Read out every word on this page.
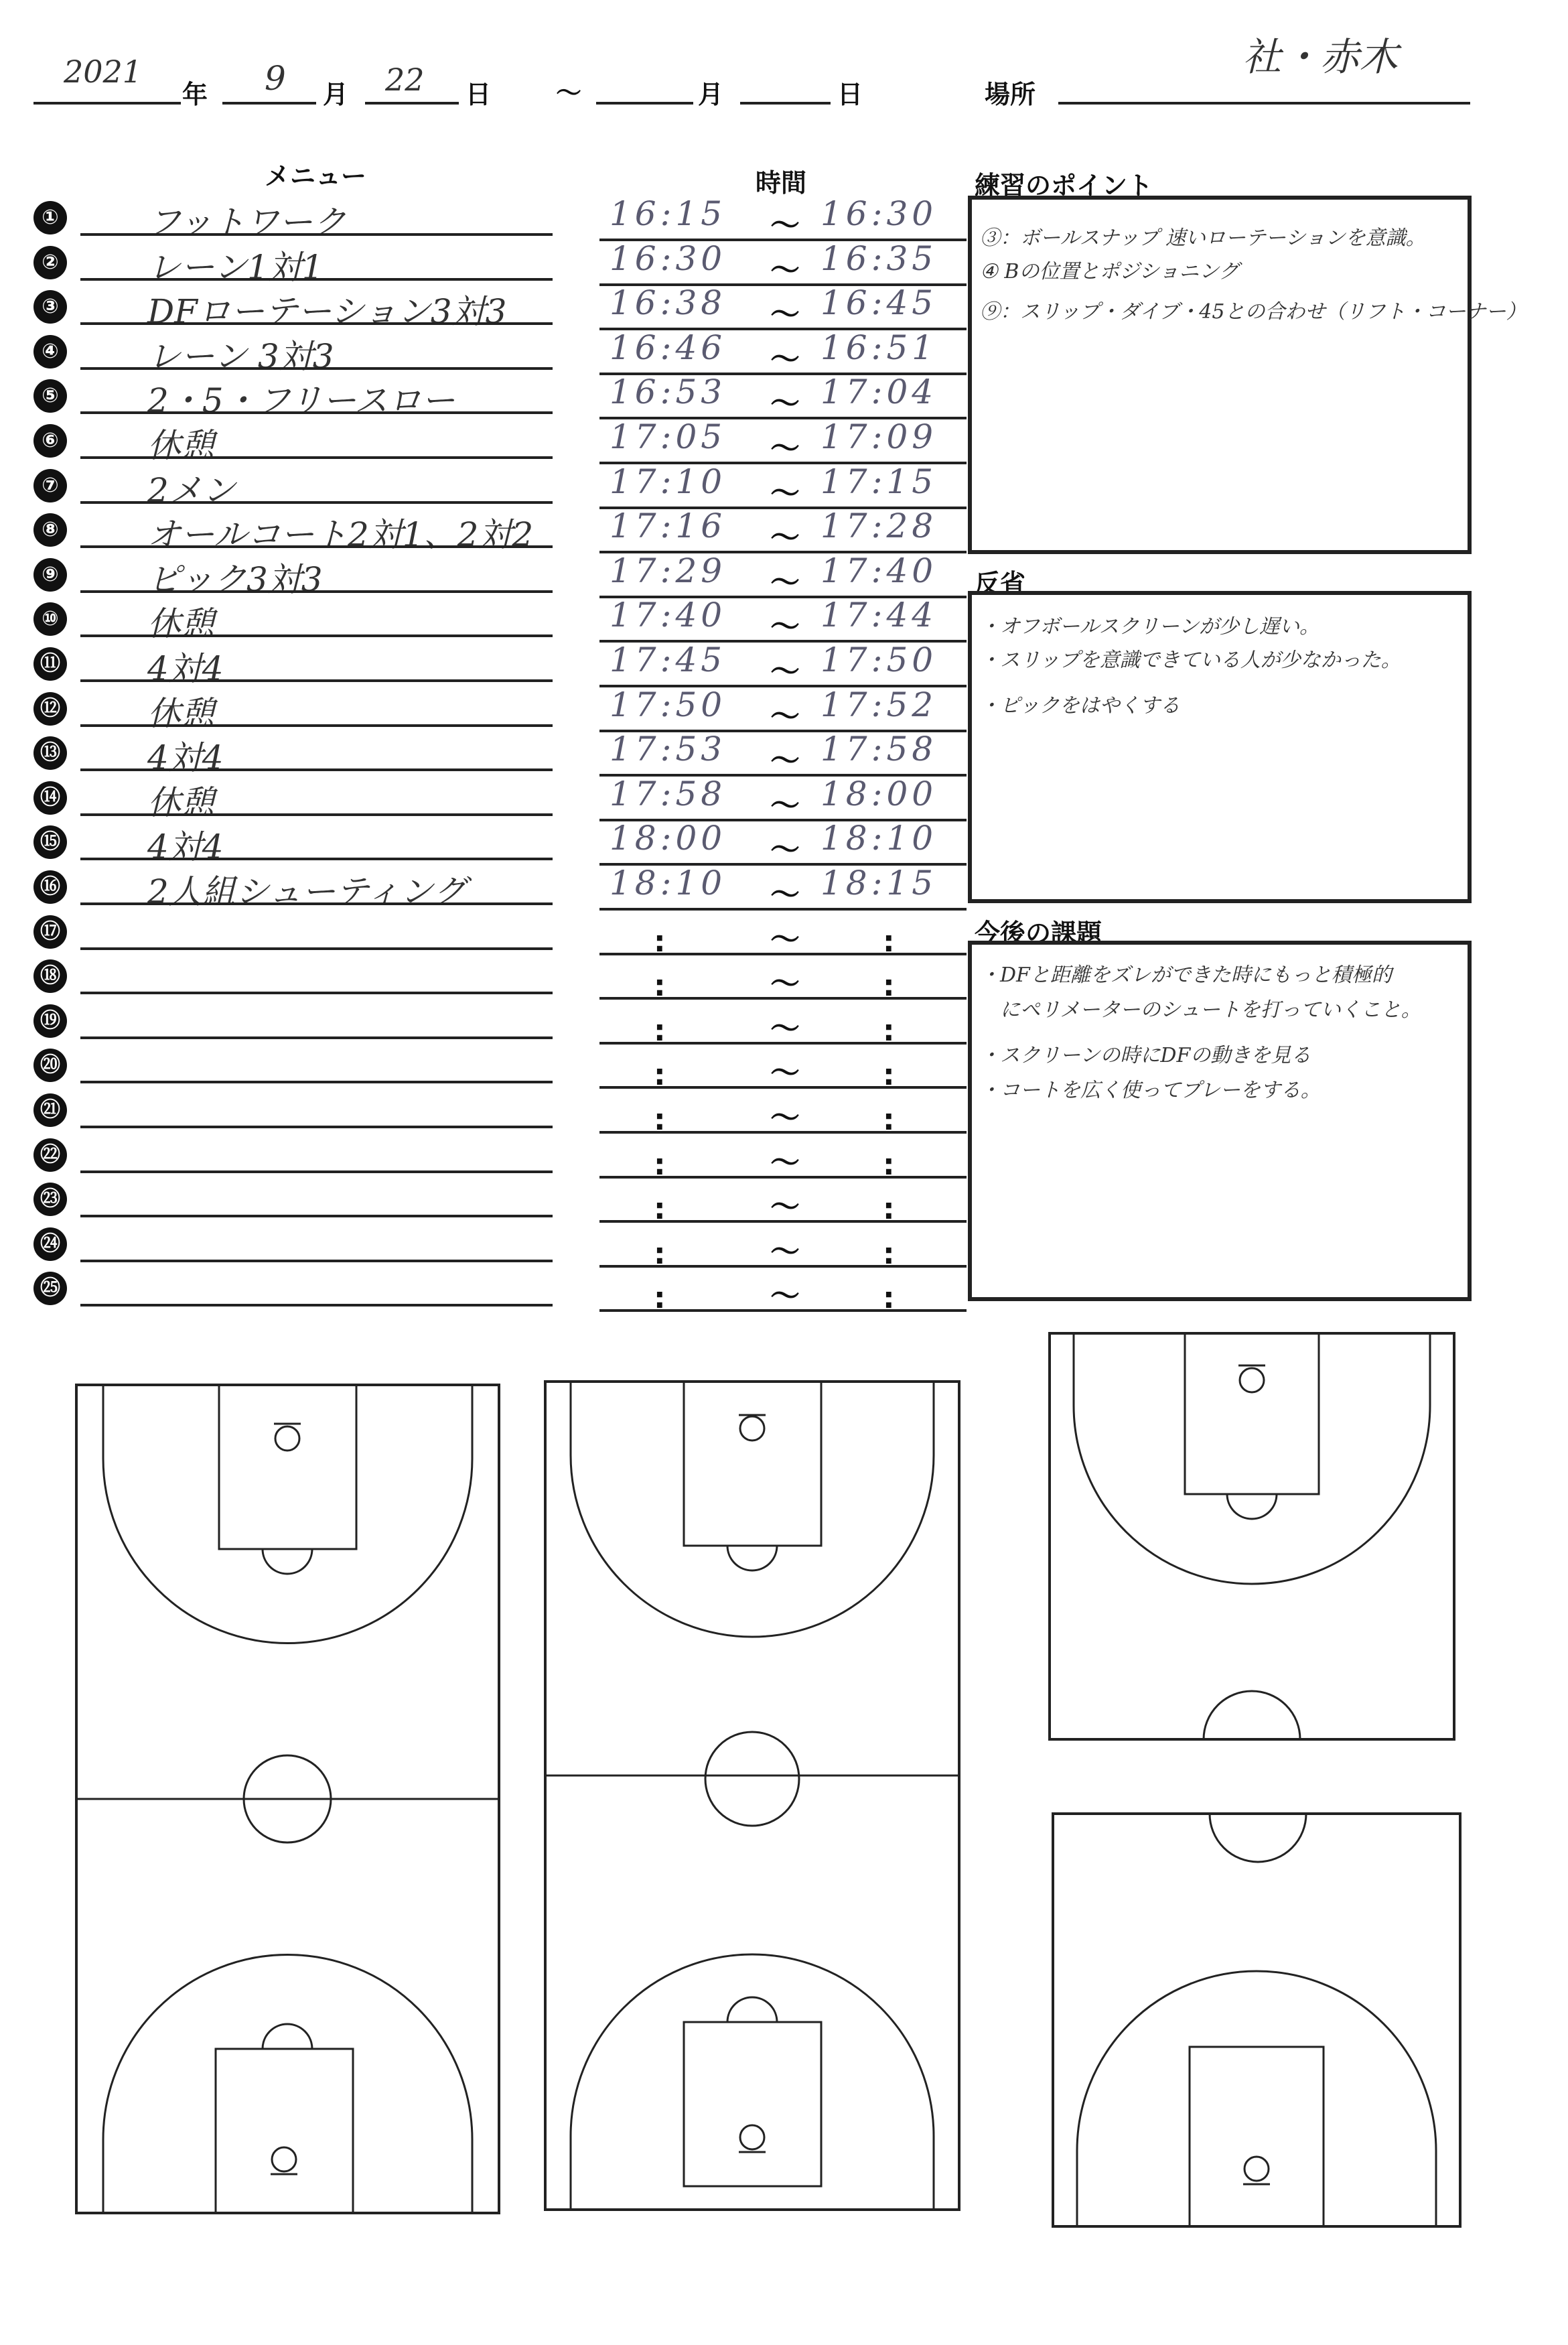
2021
年 9 月 22 日	〜	月	日	場所
社・赤木
メニュー	時間	練習のポイント
反省
今後の課題
①	フットワーク	16:15 〜 16:30
②	レーン1対1	16:30 〜 16:35
③	DFローテーション3対3	16:38 〜 16:45
④	レーン 3対3	16:46 〜 16:51
⑤	2・5・フリースロー	16:53 〜 17:04
⑥	休憩	17:05 〜 17:09
⑦	2メン	17:10 〜 17:15
⑧	オールコート2対1、2対2 17:16 〜 17:28
⑨	ピック3対3	17:29 〜 17:40
⑩	休憩	17:40 〜 17:44
⑪	4対4	17:45 〜 17:50
⑫	休憩	17:50 〜 17:52
⑬	4対4	17:53 〜 17:58
⑭	休憩	17:58 〜 18:00
⑮	4対4	18:00 〜 18:10
⑯	2人組シューティング	18:10 〜 18:15
⑰	:	〜	:
⑱	:	〜	:
⑲	:	〜	:
⑳	:	〜	:
㉑	:	〜	:
㉒	:	〜	:
㉓	:	〜	:
㉔	:	〜	:
㉕	:	〜	:
③：ボールスナップ 速いローテーションを意識。
④ Bの位置とポジショニング
⑨：スリップ・ダイブ・45との合わせ（リフト・コーナー）
・オフボールスクリーンが少し遅い。
・スリップを意識できている人が少なかった。
・ピックをはやくする
・DFと距離をズレができた時にもっと積極的
　にペリメーターのシュートを打っていくこと。
・スクリーンの時にDFの動きを見る
・コートを広く使ってプレーをする。
